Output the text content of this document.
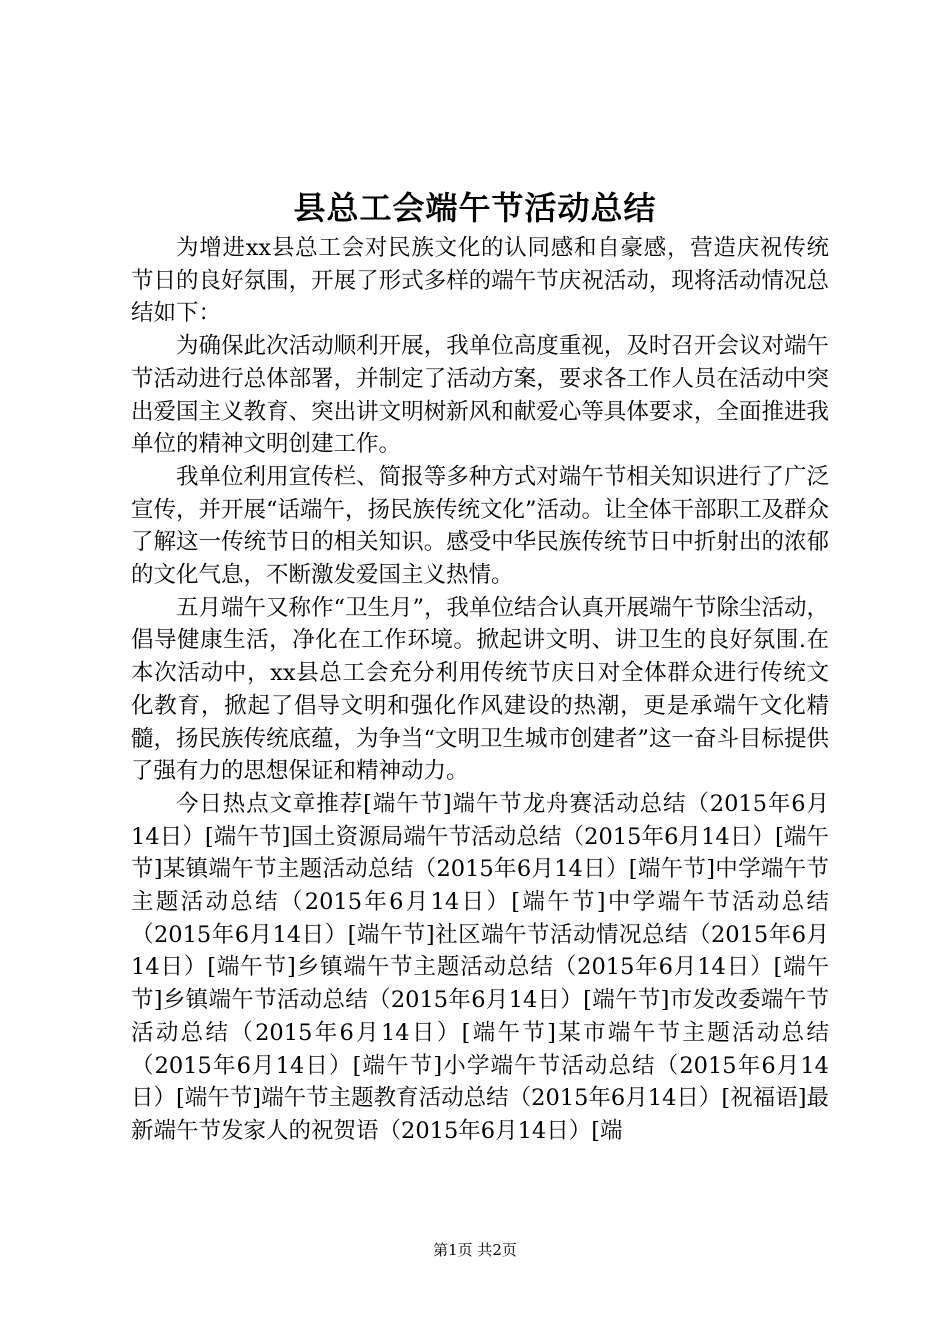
县总工会端午节活动总结

为增进xx县总工会对民族文化的认同感和自豪感，营造庆祝传统节日的良好氛围，开展了形式多样的端午节庆祝活动，现将活动情况总结如下：

为确保此次活动顺利开展，我单位高度重视，及时召开会议对端午节活动进行总体部署，并制定了活动方案，要求各工作人员在活动中突出爱国主义教育、突出讲文明树新风和献爱心等具体要求，全面推进我单位的精神文明创建工作。

我单位利用宣传栏、简报等多种方式对端午节相关知识进行了广泛宣传，并开展“话端午，扬民族传统文化”活动。让全体干部职工及群众了解这一传统节日的相关知识。感受中华民族传统节日中折射出的浓郁的文化气息，不断激发爱国主义热情。

五月端午又称作“卫生月”，我单位结合认真开展端午节除尘活动，倡导健康生活，净化在工作环境。掀起讲文明、讲卫生的良好氛围.在本次活动中，xx县总工会充分利用传统节庆日对全体群众进行传统文化教育，掀起了倡导文明和强化作风建设的热潮，更是承端午文化精髓，扬民族传统底蕴，为争当“文明卫生城市创建者”这一奋斗目标提供了强有力的思想保证和精神动力。

今日热点文章推荐[端午节]端午节龙舟赛活动总结（2015年6月14日）[端午节]国土资源局端午节活动总结（2015年6月14日）[端午节]某镇端午节主题活动总结（2015年6月14日）[端午节]中学端午节主题活动总结（2015年6月14日）[端午节]中学端午节活动总结（2015年6月14日）[端午节]社区端午节活动情况总结（2015年6月14日）[端午节]乡镇端午节主题活动总结（2015年6月14日）[端午节]乡镇端午节活动总结（2015年6月14日）[端午节]市发改委端午节活动总结（2015年6月14日）[端午节]某市端午节主题活动总结（2015年6月14日）[端午节]小学端午节活动总结（2015年6月14日）[端午节]端午节主题教育活动总结（2015年6月14日）[祝福语]最新端午节发家人的祝贺语（2015年6月14日）[端

第1页 共2页
